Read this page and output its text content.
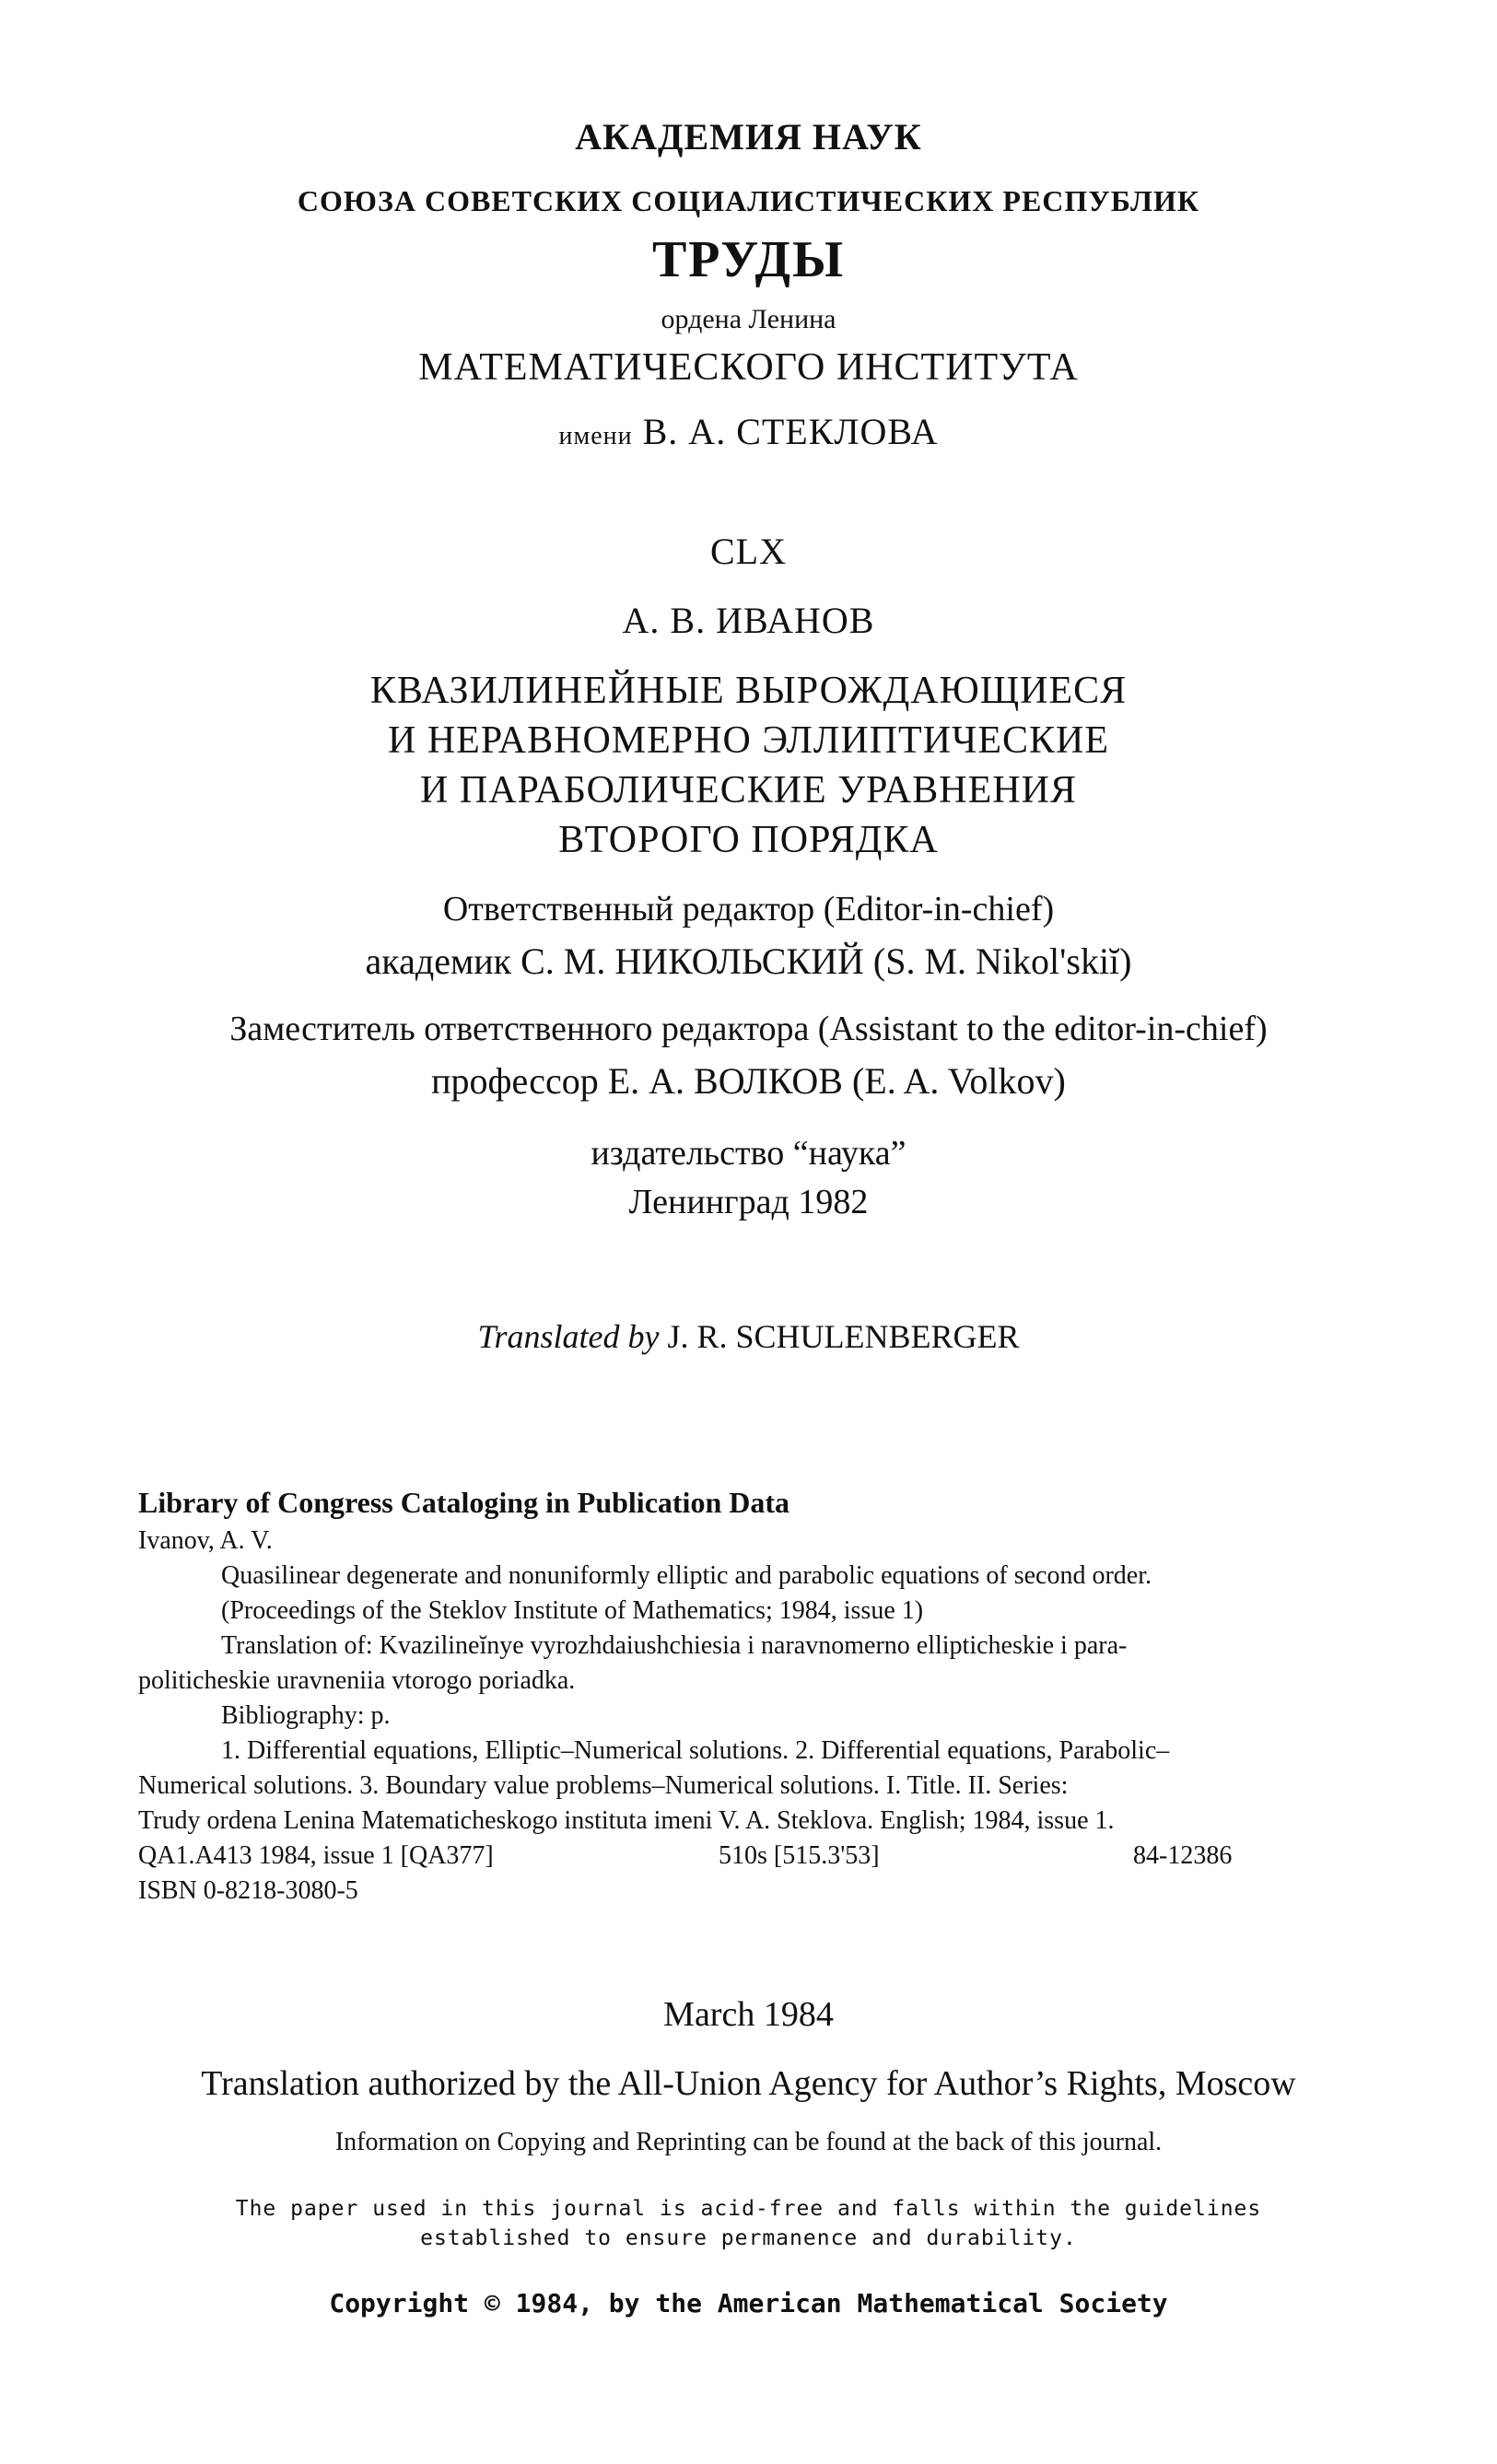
АКАДЕМИЯ НАУК
СОЮЗА СОВЕТСКИХ СОЦИАЛИСТИЧЕСКИХ РЕСПУБЛИК
ТРУДЫ
ордена Ленина
МАТЕМАТИЧЕСКОГО ИНСТИТУТА
имени В. А. СТЕКЛОВА
CLX
А. В. ИВАНОВ
КВАЗИЛИНЕЙНЫЕ ВЫРОЖДАЮЩИЕСЯ
И НЕРАВНОМЕРНО ЭЛЛИПТИЧЕСКИЕ
И ПАРАБОЛИЧЕСКИЕ УРАВНЕНИЯ
ВТОРОГО ПОРЯДКА
Ответственный редактор (Editor-in-chief)
академик С. М. НИКОЛЬСКИЙ (S. M. Nikol'skiĭ)
Заместитель ответственного редактора (Assistant to the editor-in-chief)
профессор Е. А. ВОЛКОВ (E. A. Volkov)
издательство “наука”
Ленинград 1982
Translated by J. R. SCHULENBERGER
Library of Congress Cataloging in Publication Data

Ivanov, A. V.

Quasilinear degenerate and nonuniformly elliptic and parabolic equations of second order.

(Proceedings of the Steklov Institute of Mathematics; 1984, issue 1)

Translation of: Kvazilineĭnye vyrozhdaiushchiesia i naravnomerno ellipticheskie i para-

politicheskie uravneniia vtorogo poriadka.

Bibliography: p.

1. Differential equations, Elliptic–Numerical solutions. 2. Differential equations, Parabolic–

Numerical solutions. 3. Boundary value problems–Numerical solutions. I. Title. II. Series:

Trudy ordena Lenina Matematicheskogo instituta imeni V. A. Steklova. English; 1984, issue 1.

QA1.A413 1984, issue 1 [QA377]	510s [515.3'53]	84-12386

ISBN 0-8218-3080-5

March 1984
Translation authorized by the All-Union Agency for Author’s Rights, Moscow
Information on Copying and Reprinting can be found at the back of this journal.
The paper used in this journal is acid-free and falls within the guidelines
established to ensure permanence and durability.
Copyright © 1984, by the American Mathematical Society
